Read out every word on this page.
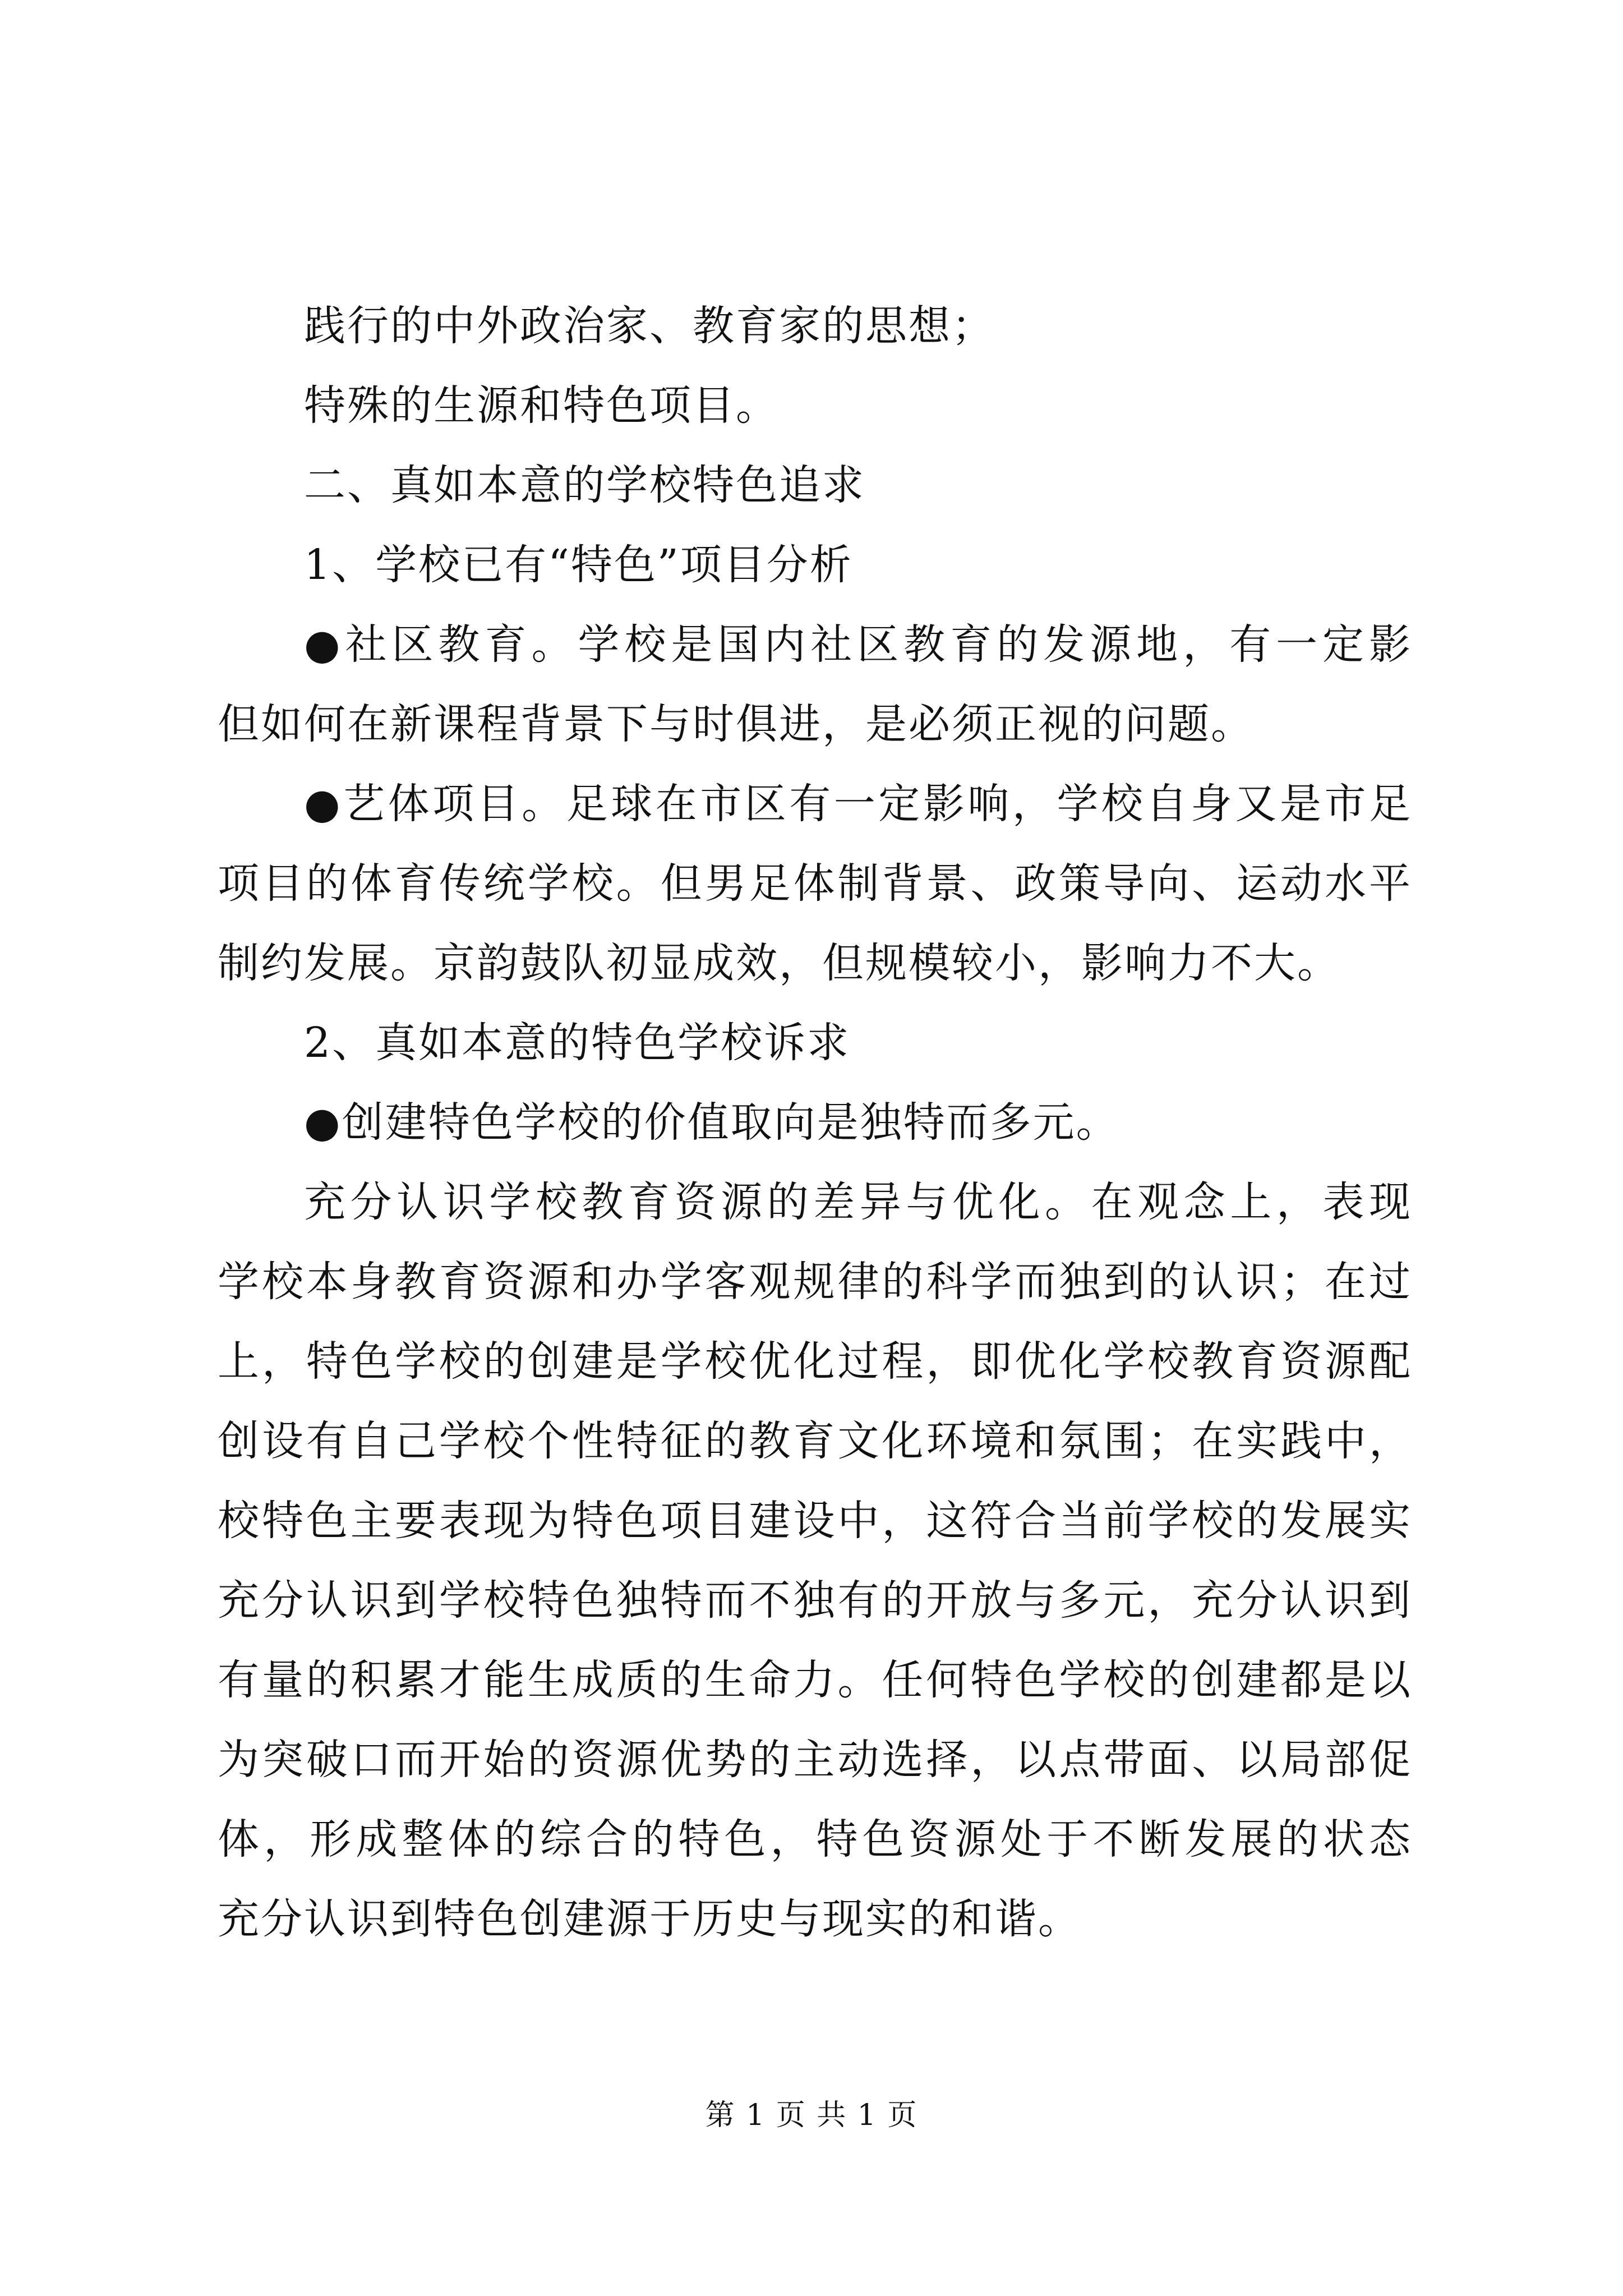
践行的中外政治家、教育家的思想；
特殊的生源和特色项目。
二、真如本意的学校特色追求
1、学校已有“特色”项目分析
●社区教育。学校是国内社区教育的发源地，有一定影
但如何在新课程背景下与时俱进，是必须正视的问题。
●艺体项目。足球在市区有一定影响，学校自身又是市足
项目的体育传统学校。但男足体制背景、政策导向、运动水平
制约发展。京韵鼓队初显成效，但规模较小，影响力不大。
2、真如本意的特色学校诉求
●创建特色学校的价值取向是独特而多元。
充分认识学校教育资源的差异与优化。在观念上，表现
学校本身教育资源和办学客观规律的科学而独到的认识；在过
上，特色学校的创建是学校优化过程，即优化学校教育资源配
创设有自己学校个性特征的教育文化环境和氛围；在实践中，
校特色主要表现为特色项目建设中，这符合当前学校的发展实
充分认识到学校特色独特而不独有的开放与多元，充分认识到
有量的积累才能生成质的生命力。任何特色学校的创建都是以
为突破口而开始的资源优势的主动选择，以点带面、以局部促
体，形成整体的综合的特色，特色资源处于不断发展的状态
充分认识到特色创建源于历史与现实的和谐。
第 1 页 共 1 页
